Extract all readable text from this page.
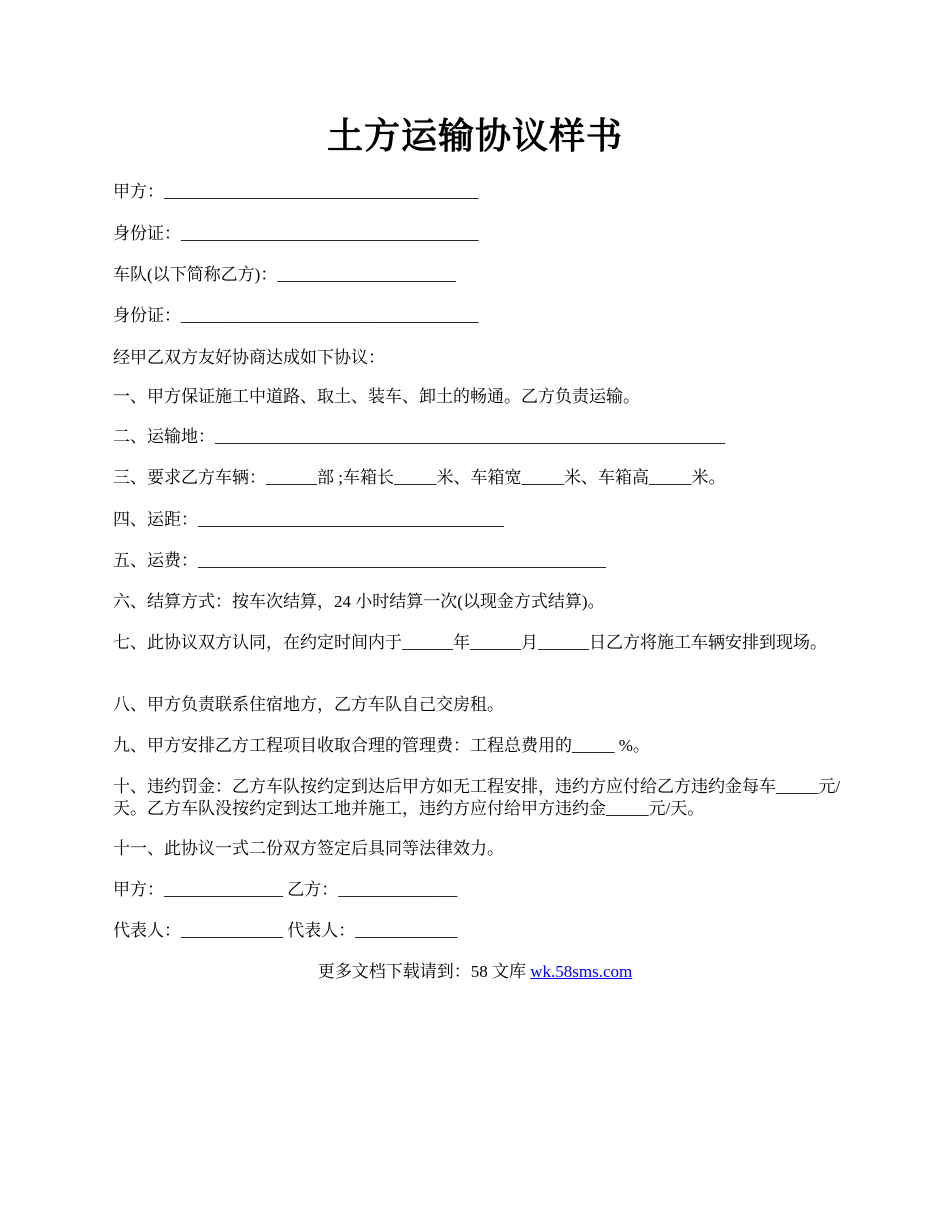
土方运输协议样书
甲方：_____________________________________
身份证：___________________________________
车队(以下简称乙方)：_____________________
身份证：___________________________________
经甲乙双方友好协商达成如下协议：
一、甲方保证施工中道路、取土、装车、卸土的畅通。乙方负责运输。
二、运输地：____________________________________________________________
三、要求乙方车辆：______部 ;车箱长_____米、车箱宽_____米、车箱高_____米。
四、运距：____________________________________
五、运费：________________________________________________
六、结算方式：按车次结算，24 小时结算一次(以现金方式结算)。
七、此协议双方认同，在约定时间内于______年______月______日乙方将施工车辆安排到现场。
八、甲方负责联系住宿地方，乙方车队自己交房租。
九、甲方安排乙方工程项目收取合理的管理费：工程总费用的_____ %。
十、违约罚金：乙方车队按约定到达后甲方如无工程安排，违约方应付给乙方违约金每车_____元/天。乙方车队没按约定到达工地并施工，违约方应付给甲方违约金_____元/天。
十一、此协议一式二份双方签定后具同等法律效力。
甲方：______________ 乙方：______________
代表人：____________ 代表人：____________
更多文档下载请到：58 文库 wk.58sms.com
